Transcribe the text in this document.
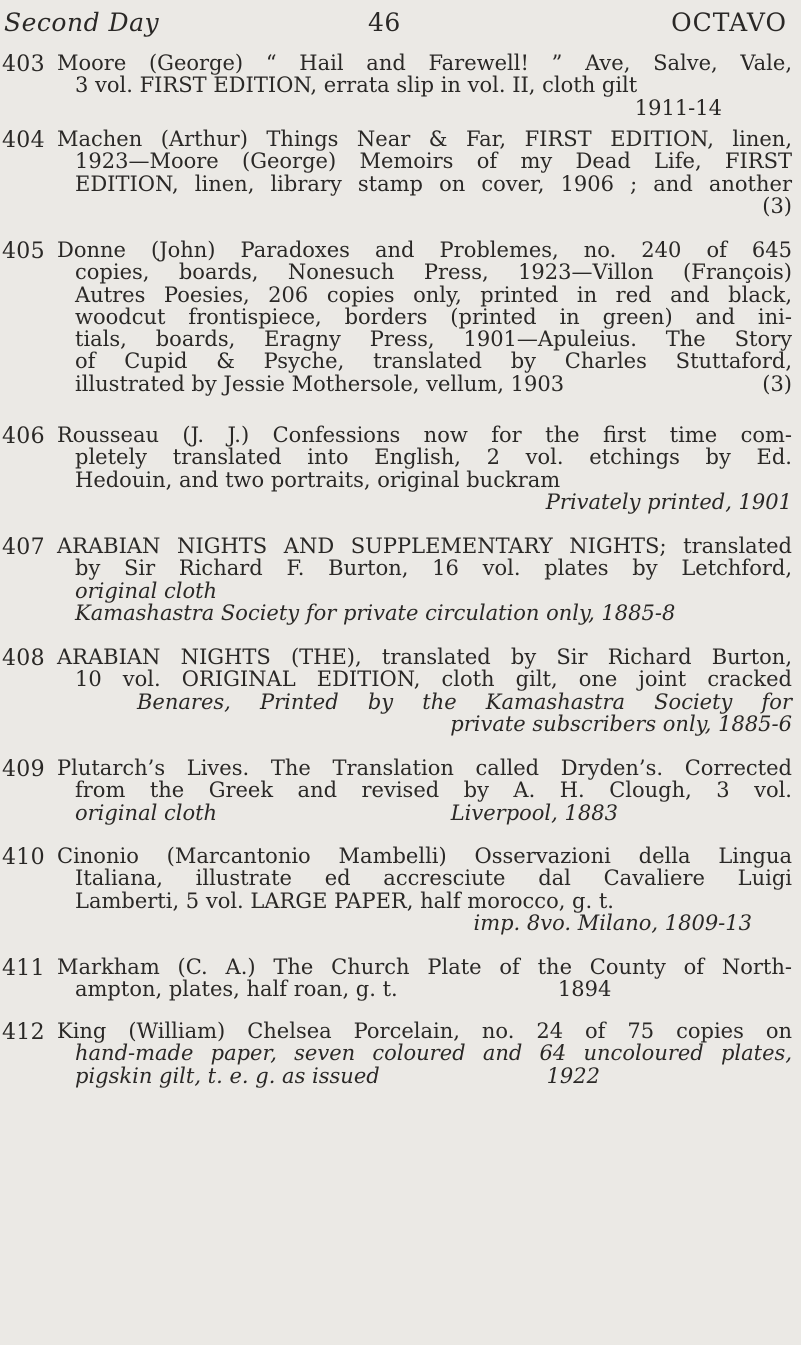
Second Day	46	OCTAVO
403 Moore (George) “ Hail and Farewell! ” Ave, Salve, Vale,
3 vol. FIRST EDITION, errata slip in vol. II, cloth gilt
1911-14
404 Machen (Arthur) Things Near & Far, FIRST EDITION, linen,
1923—Moore (George) Memoirs of my Dead Life, FIRST
EDITION, linen, library stamp on cover, 1906 ; and another
(3)
405 Donne (John) Paradoxes and Problemes, no. 240 of 645
copies, boards, Nonesuch Press, 1923—Villon (François)
Autres Poesies, 206 copies only, printed in red and black,
woodcut frontispiece, borders (printed in green) and ini-
tials, boards, Eragny Press, 1901—Apuleius. The Story
of Cupid & Psyche, translated by Charles Stuttaford,
illustrated by Jessie Mothersole, vellum, 1903	(3)
406 Rousseau (J. J.) Confessions now for the first time com-
pletely translated into English, 2 vol. etchings by Ed.
Hedouin, and two portraits, original buckram
Privately printed, 1901
407 ARABIAN NIGHTS AND SUPPLEMENTARY NIGHTS; translated
by Sir Richard F. Burton, 16 vol. plates by Letchford,
original cloth
Kamashastra Society for private circulation only, 1885-8
408 ARABIAN NIGHTS (THE), translated by Sir Richard Burton,
10 vol. ORIGINAL EDITION, cloth gilt, one joint cracked
Benares, Printed by the Kamashastra Society for
private subscribers only, 1885-6
409 Plutarch’s Lives. The Translation called Dryden’s. Corrected
from the Greek and revised by A. H. Clough, 3 vol.
original cloth                                   Liverpool, 1883
410 Cinonio (Marcantonio Mambelli) Osservazioni della Lingua
Italiana, illustrate ed accresciute dal Cavaliere Luigi
Lamberti, 5 vol. LARGE PAPER, half morocco, g. t.
imp. 8vo. Milano, 1809-13
411 Markham (C. A.) The Church Plate of the County of North-
ampton, plates, half roan, g. t.                        1894
412 King (William) Chelsea Porcelain, no. 24 of 75 copies on
hand-made paper, seven coloured and 64 uncoloured plates,
pigskin gilt, t. e. g. as issued                         1922
